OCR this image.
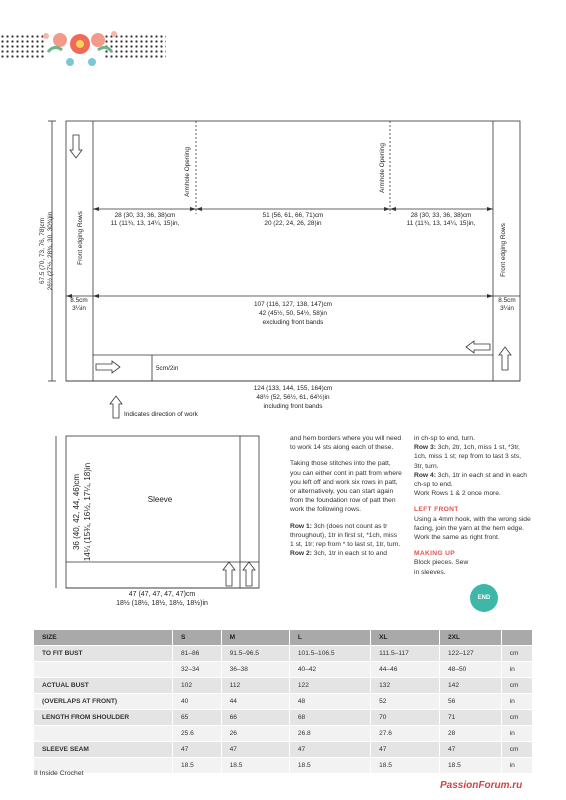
67.5 (70, 73, 76, 78)cm 26½ (27½, 28¾, 30, 30¾)in	Front edging Rows	Front edging Rows
Armhole Opening	Armhole Opening
28 (30, 33, 36, 38)cm
11 (11¾, 13, 14¼, 15)in,
51 (56, 61, 66, 71)cm
20 (22, 24, 26, 28)in
28 (30, 33, 36, 38)cm
11 (11¾, 13, 14¼, 15)in,
8.5cm
3¼in
8.5cm
3¼in
107 (116, 127, 138, 147)cm
42 (45½, 50, 54½, 58)in
excluding front bands
5cm/2in
124 (133, 144, 155, 164)cm
48½ (52, 56½, 61, 64½)in
including front bands
Indicates direction of work
Sleeve
36 (40, 42, 44, 46)cm 14¼ (15¾, 16½, 17¼, 18)in
47 (47, 47, 47, 47)cm
18½ (18½, 18½, 18½, 18½)in

and hem borders where you will need to work 14 sts along each of these.

Taking those stitches into the patt, you can either cont in patt from where you left off and work six rows in patt, or alternatively, you can start again from the foundation row of patt then work the following rows.

Row 1: 3ch (does not count as tr throughout), 1tr in first st, *1ch, miss 1 st, 1tr; rep from * to last st, 1tr, turn.

Row 2: 3ch, 1tr in each st to and

in ch-sp to end, turn.

Row 3: 3ch, 2tr, 1ch, miss 1 st, *3tr, 1ch, miss 1 st; rep from to last 3 sts, 3tr, turn.

Row 4: 3ch, 1tr in each st and in each ch-sp to end.

Work Rows 1 & 2 once more.

LEFT FRONT

Using a 4mm hook, with the wrong side facing, join the yarn at the hem edge. Work the same as right front.

MAKING UP

Block pieces. Sew in sleeves.

END
SIZE	S	M	L	XL	2XL	
TO FIT BUST	81–86	91.5–96.5	101.5–106.5	111.5–117	122–127	cm
	32–34	36–38	40–42	44–46	48–50	in
ACTUAL BUST	102	112	122	132	142	cm
(OVERLAPS AT FRONT)	40	44	48	52	56	in
LENGTH FROM SHOULDER	65	66	68	70	71	cm
	25.6	26	26.8	27.6	28	in
SLEEVE SEAM	47	47	47	47	47	cm
	18.5	18.5	18.5	18.5	18.5	in
II Inside Crochet
PassionForum.ru
